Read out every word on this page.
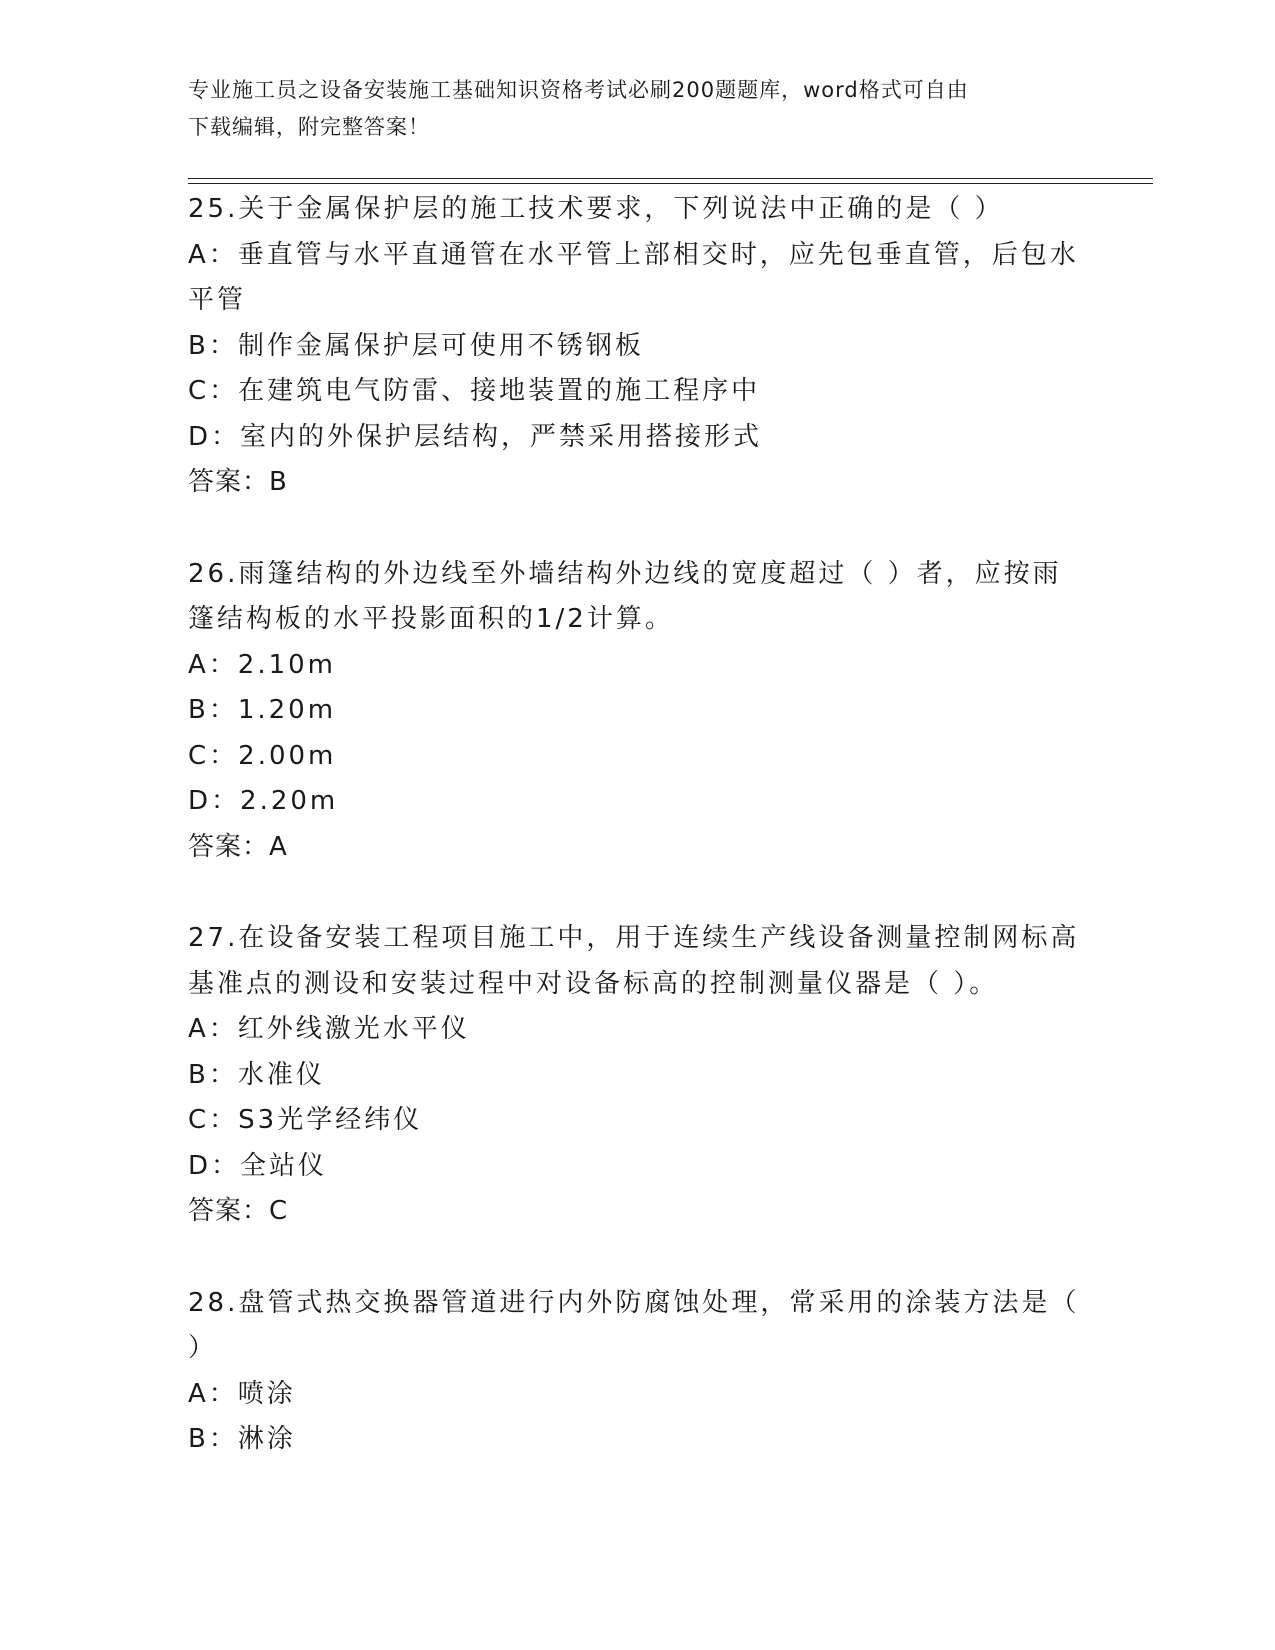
专业施工员之设备安装施工基础知识资格考试必刷200题题库，word格式可自由
下载编辑，附完整答案！

25.关于金属保护层的施工技术要求，下列说法中正确的是（ ）

A：垂直管与水平直通管在水平管上部相交时，应先包垂直管，后包水

平管

B：制作金属保护层可使用不锈钢板

C：在建筑电气防雷、接地装置的施工程序中

D：室内的外保护层结构，严禁采用搭接形式

答案：B

26.雨篷结构的外边线至外墙结构外边线的宽度超过（ ）者，应按雨

篷结构板的水平投影面积的1/2计算。

A：2.10m

B：1.20m

C：2.00m

D：2.20m

答案：A

27.在设备安装工程项目施工中，用于连续生产线设备测量控制网标高

基准点的测设和安装过程中对设备标高的控制测量仪器是（ ）。

A：红外线激光水平仪

B：水准仪

C：S3光学经纬仪

D：全站仪

答案：C

28.盘管式热交换器管道进行内外防腐蚀处理，常采用的涂装方法是（

）

A：喷涂

B：淋涂
